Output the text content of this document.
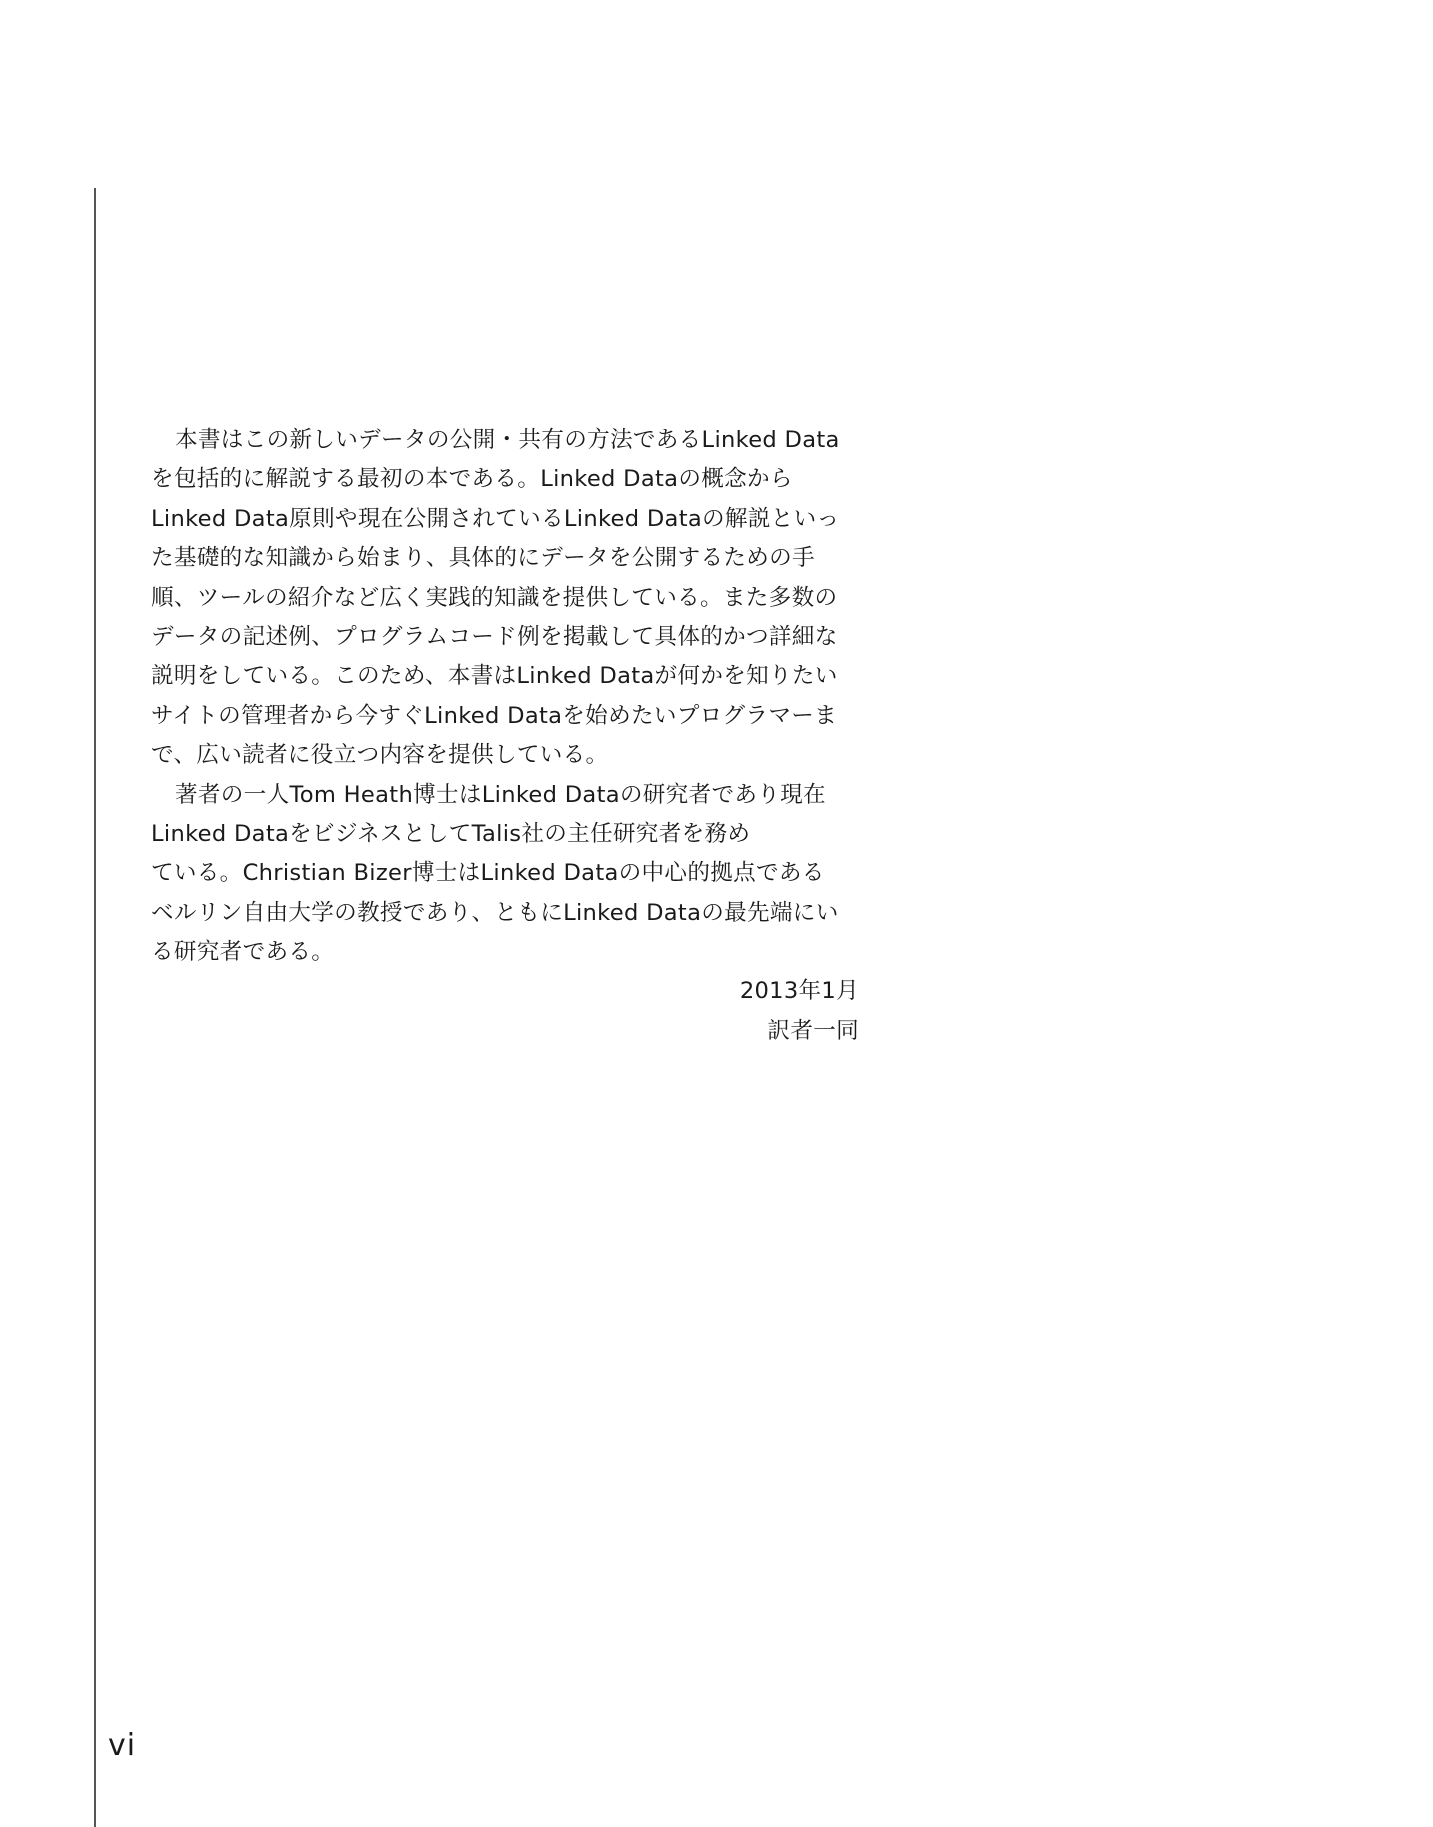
本書はこの新しいデータの公開・共有の方法であるLinked Data
を包括的に解説する最初の本である。Linked Dataの概念から
Linked Data原則や現在公開されているLinked Dataの解説といっ
た基礎的な知識から始まり、具体的にデータを公開するための手
順、ツールの紹介など広く実践的知識を提供している。また多数の
データの記述例、プログラムコード例を掲載して具体的かつ詳細な
説明をしている。このため、本書はLinked Dataが何かを知りたい
サイトの管理者から今すぐLinked Dataを始めたいプログラマーま
で、広い読者に役立つ内容を提供している。
著者の一人Tom Heath博士はLinked Dataの研究者であり現在
Linked DataをビジネスとしてTalis社の主任研究者を務め
ている。Christian Bizer博士はLinked Dataの中心的拠点である
ベルリン自由大学の教授であり、ともにLinked Dataの最先端にい
る研究者である。
2013年1月
訳者一同
vi
